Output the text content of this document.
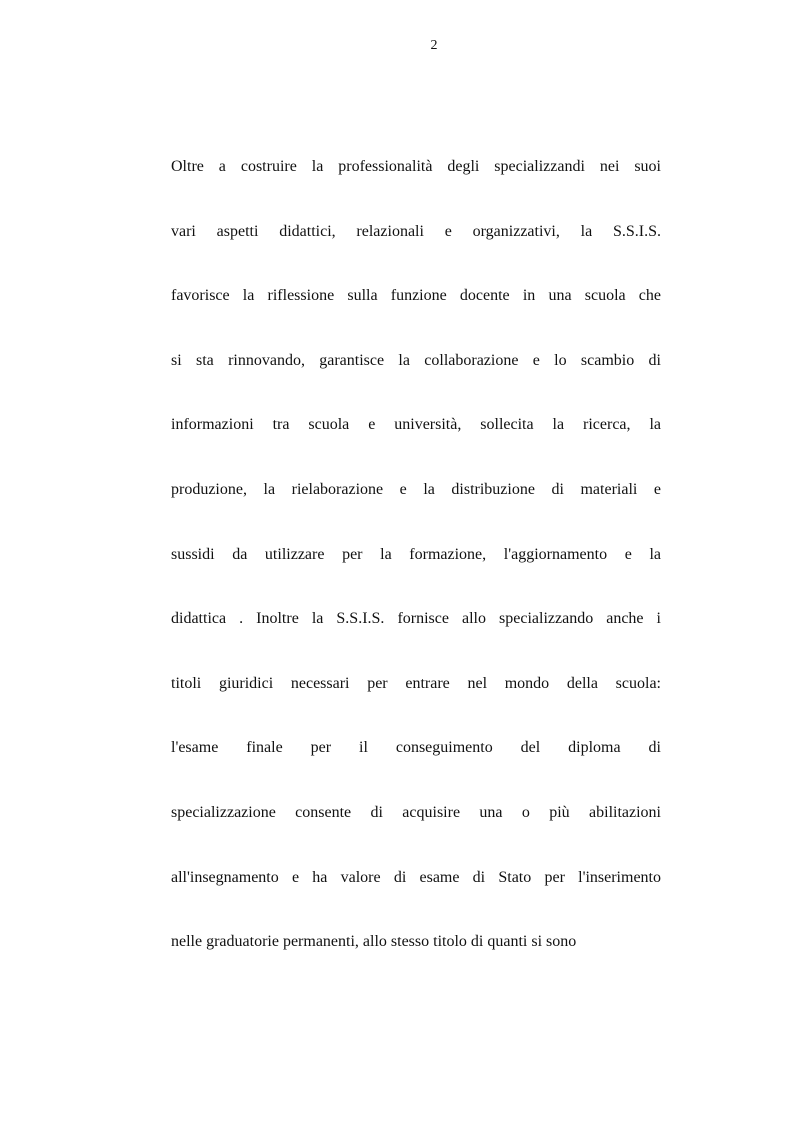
2
Oltre a costruire la professionalità degli specializzandi nei suoi
vari aspetti didattici, relazionali e organizzativi, la S.S.I.S.
favorisce la riflessione sulla funzione docente in una scuola che
si sta rinnovando, garantisce la collaborazione e lo scambio di
informazioni tra scuola e università, sollecita la ricerca, la
produzione, la rielaborazione e la distribuzione di materiali e
sussidi da utilizzare per la formazione, l'aggiornamento e la
didattica . Inoltre la S.S.I.S. fornisce allo specializzando anche i
titoli giuridici necessari per entrare nel mondo della scuola:
l'esame finale per il conseguimento del diploma di
specializzazione consente di acquisire una o più abilitazioni
all'insegnamento e ha valore di esame di Stato per l'inserimento
nelle graduatorie permanenti, allo stesso titolo di quanti si sono
